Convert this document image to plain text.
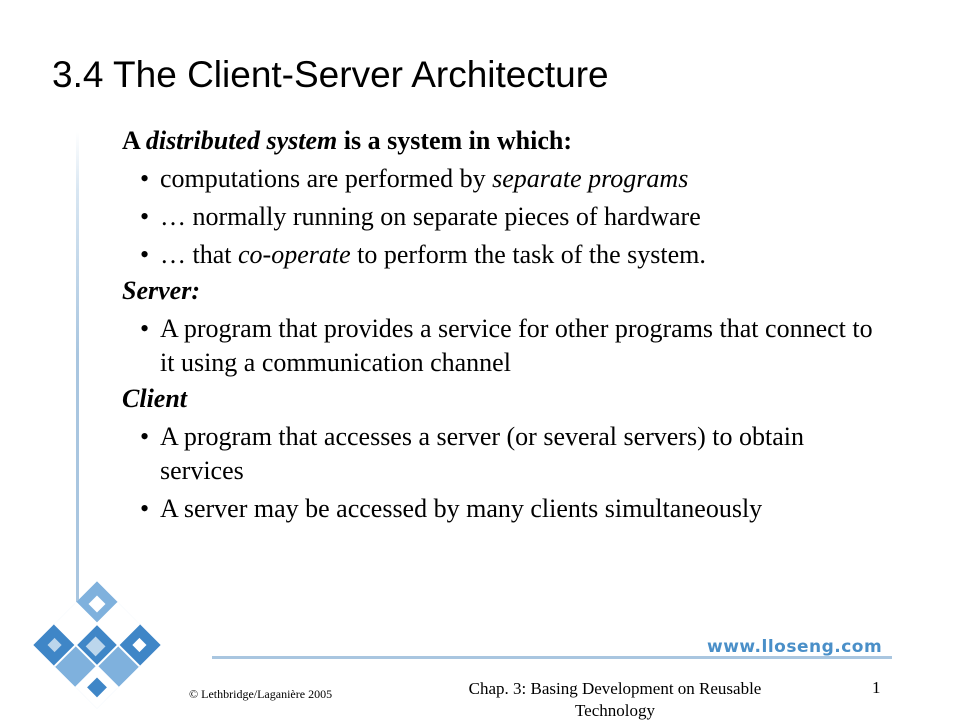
3.4 The Client-Server Architecture

A distributed system is a system in which:

• computations are performed by separate programs
• … normally running on separate pieces of hardware
• … that co-operate to perform the task of the system.

Server:

• A program that provides a service for other programs that connect to it using a communication channel

Client

• A program that accesses a server (or several servers) to obtain services
• A server may be accessed by many clients simultaneously
www.lloseng.com
© Lethbridge/Laganière 2005	Chap. 3: Basing Development on Reusable Technology
1
